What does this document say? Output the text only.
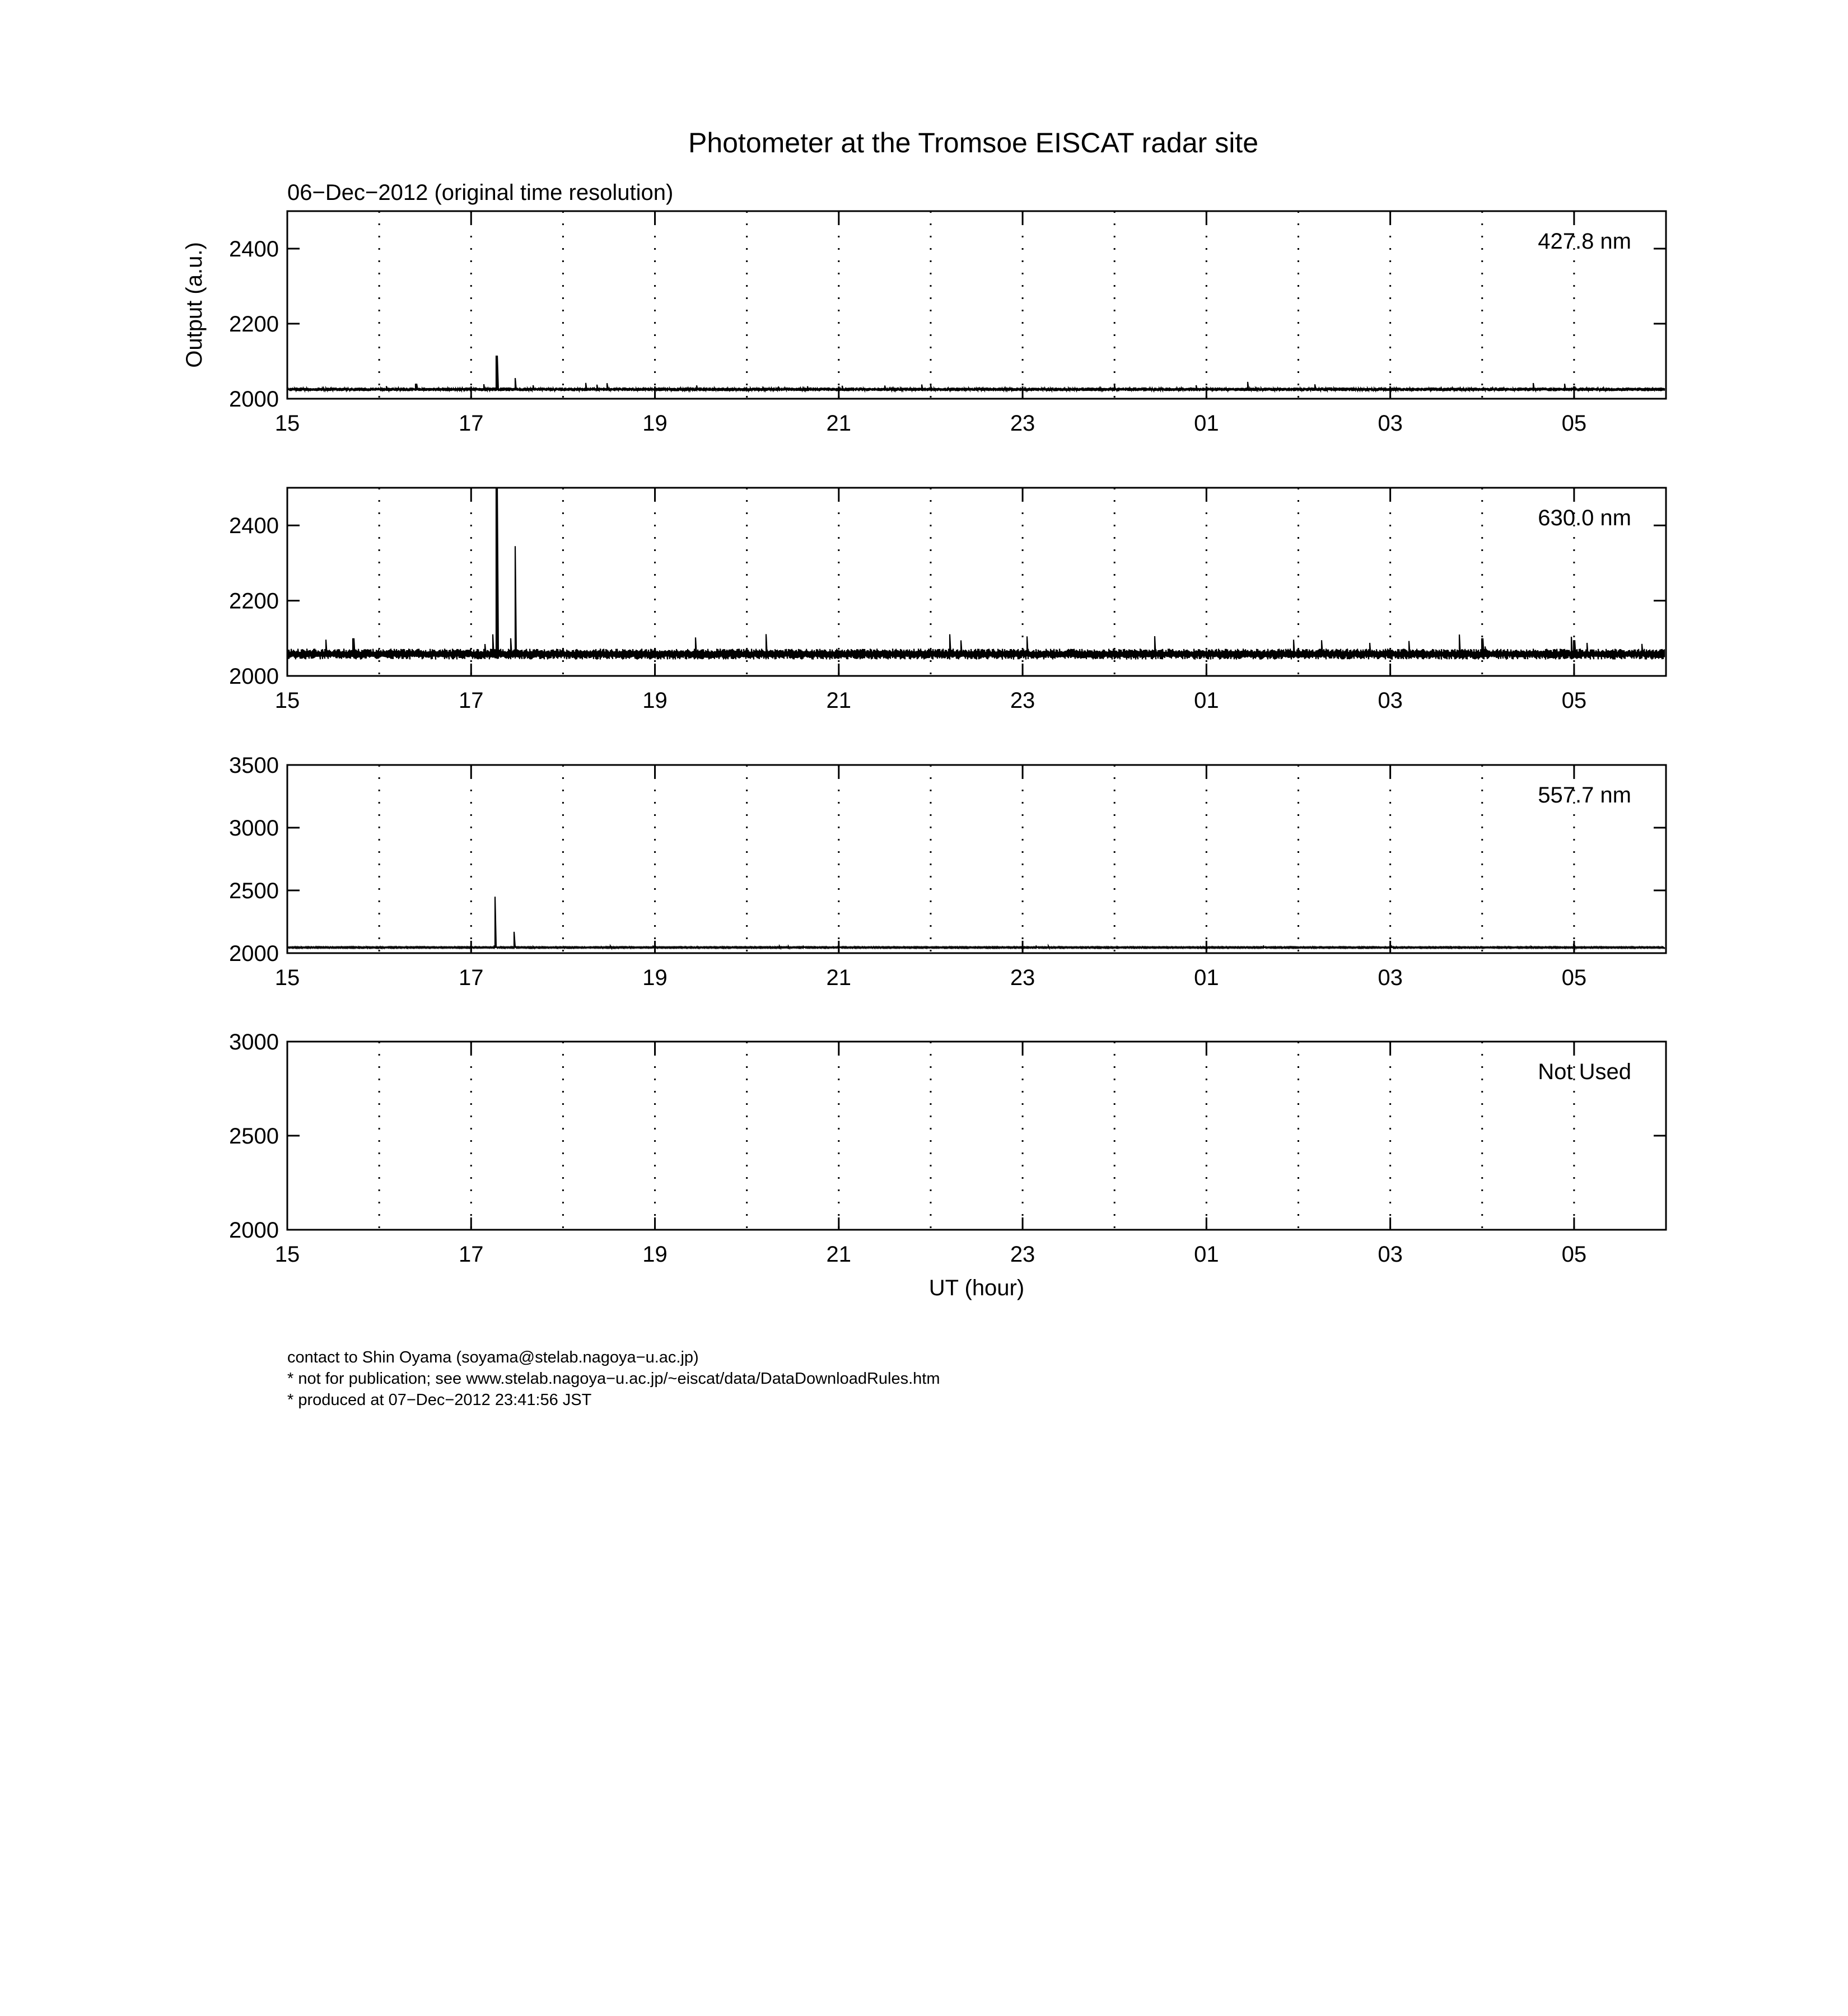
Photometer at the Tromsoe EISCAT radar site
06−Dec−2012 (original time resolution)
15	17	19	21	23	01	03	05
2000
2200
2400	427.8 nm
Output (a.u.)
15	17	19	21	23	01	03	05
2000
2200
2400	630.0 nm
15	17	19	21	23	01	03	05
2000
2500
3000
3500
557.7 nm
15	17	19	21	23	01	03	05
2000
2500
3000
Not Used
UT (hour)
contact to Shin Oyama (soyama@stelab.nagoya−u.ac.jp)
* not for publication; see www.stelab.nagoya−u.ac.jp/~eiscat/data/DataDownloadRules.htm
* produced at 07−Dec−2012 23:41:56 JST
